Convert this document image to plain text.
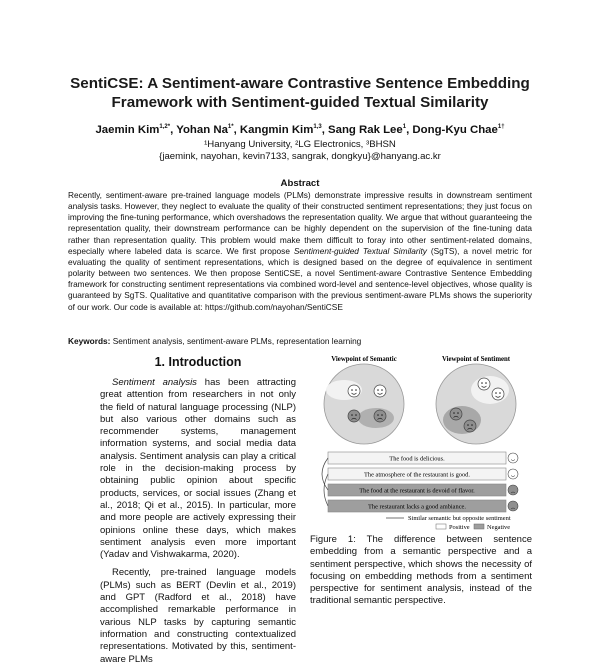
SentiCSE: A Sentiment-aware Contrastive Sentence Embedding
Framework with Sentiment-guided Textual Similarity
Jaemin Kim$^{1,2*}$, Yohan $Na^{1*}$, Kangmin Kim$^{1,3}$, Sang Rak Lee$^1$, Dong-Kyu Chae$^{1\dagger}$
¹Hanyang University, ²LG Electronics, ³BHSN
{jaemink, nayohan, kevin7133, sangrak, dongkyu}@hanyang.ac.kr
Abstract
Recently, sentiment-aware pre-trained language models (PLMs) demonstrate impressive results in downstream sentiment analysis tasks. However, they neglect to evaluate the quality of their constructed sentiment representations; they just focus on improving the fine-tuning performance, which overshadows the representation quality. We argue that without guaranteeing the representation quality, their downstream performance can be highly dependent on the supervision of the fine-tuning data rather than representation quality. This problem would make them difficult to foray into other sentiment-related domains, especially where labeled data is scarce. We first propose Sentiment-guided Textual Similarity (SgTS), a novel metric for evaluating the quality of sentiment representations, which is designed based on the degree of equivalence in sentiment polarity between two sentences. We then propose SentiCSE, a novel Sentiment-aware Contrastive Sentence Embedding framework for constructing sentiment representations via combined word-level and sentence-level objectives, whose quality is guaranteed by SgTS. Qualitative and quantitative comparison with the previous sentiment-aware PLMs shows the superiority of our work. Our code is available at: https://github.com/nayohan/SentiCSE
Keywords: Sentiment analysis, sentiment-aware PLMs, representation learning
1. Introduction

Sentiment analysis has been attracting great attention from researchers in not only the field of natural language processing (NLP) but also various other domains such as recommender systems, management information systems, and social media data analysis. Sentiment analysis can play a critical role in the decision-making process by obtaining public opinion about specific products, services, or social issues (Zhang et al., 2018; Qi et al., 2015). In particular, more and more people are actively expressing their opinions online these days, which makes sentiment analysis even more important (Yadav and Vishwakarma, 2020).

Recently, pre-trained language models (PLMs) such as BERT (Devlin et al., 2019) and GPT (Radford et al., 2018) have accomplished remarkable performance in various NLP tasks by capturing semantic information and constructing contextualized representations. Motivated by this, sentiment-aware PLMs

Viewpoint of Semantic	Viewpoint of Sentiment
The food is delicious.
The atmosphere of the restaurant is good.
The food at the restaurant is devoid of flavor.
The restaurant lacks a good ambiance.
Similar semantic but opposite sentiment
Positive	Negative
Figure 1: The difference between sentence embedding from a semantic perspective and a sentiment perspective, which shows the necessity of focusing on embedding methods from a sentiment perspective for sentiment analysis, instead of the traditional semantic perspective.
